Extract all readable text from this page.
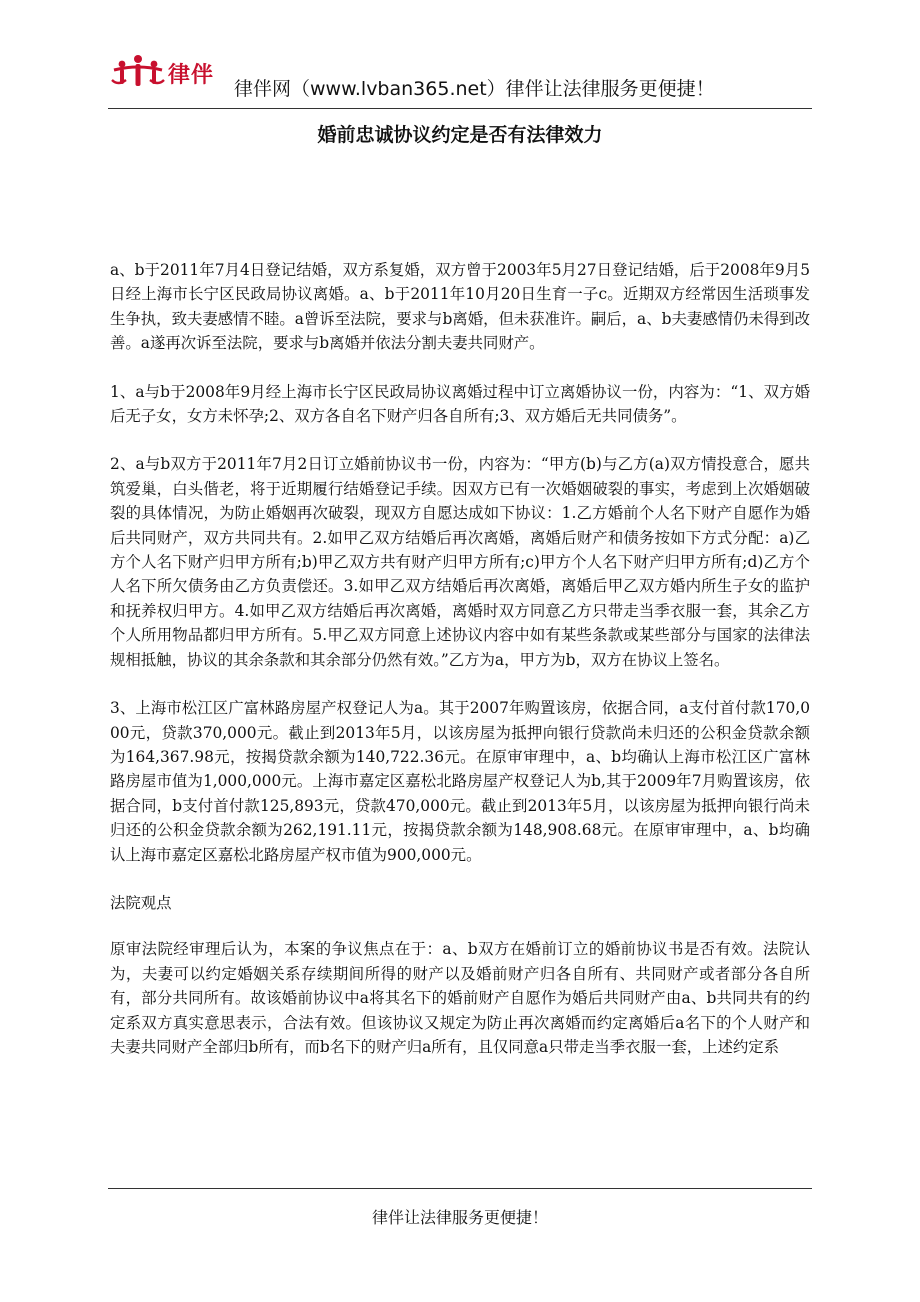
律伴
律伴网（www.lvban365.net）律伴让法律服务更便捷！
婚前忠诚协议约定是否有法律效力

a、b于2011年7月4日登记结婚，双方系复婚，双方曾于2003年5月27日登记结婚，后于2008年9月5日经上海市长宁区民政局协议离婚。a、b于2011年10月20日生育一子c。近期双方经常因生活琐事发生争执，致夫妻感情不睦。a曾诉至法院，要求与b离婚，但未获准许。嗣后，a、b夫妻感情仍未得到改善。a遂再次诉至法院，要求与b离婚并依法分割夫妻共同财产。

1、a与b于2008年9月经上海市长宁区民政局协议离婚过程中订立离婚协议一份，内容为：“1、双方婚后无子女，女方未怀孕;2、双方各自名下财产归各自所有;3、双方婚后无共同债务”。

2、a与b双方于2011年7月2日订立婚前协议书一份，内容为：“甲方(b)与乙方(a)双方情投意合，愿共筑爱巢，白头偕老，将于近期履行结婚登记手续。因双方已有一次婚姻破裂的事实，考虑到上次婚姻破裂的具体情况，为防止婚姻再次破裂，现双方自愿达成如下协议：1.乙方婚前个人名下财产自愿作为婚后共同财产，双方共同共有。2.如甲乙双方结婚后再次离婚，离婚后财产和债务按如下方式分配：a)乙方个人名下财产归甲方所有;b)甲乙双方共有财产归甲方所有;c)甲方个人名下财产归甲方所有;d)乙方个人名下所欠债务由乙方负责偿还。3.如甲乙双方结婚后再次离婚，离婚后甲乙双方婚内所生子女的监护和抚养权归甲方。4.如甲乙双方结婚后再次离婚，离婚时双方同意乙方只带走当季衣服一套，其余乙方个人所用物品都归甲方所有。5.甲乙双方同意上述协议内容中如有某些条款或某些部分与国家的法律法规相抵触，协议的其余条款和其余部分仍然有效。”乙方为a，甲方为b，双方在协议上签名。

3、上海市松江区广富林路房屋产权登记人为a。其于2007年购置该房，依据合同，a支付首付款170,000元，贷款370,000元。截止到2013年5月，以该房屋为抵押向银行贷款尚未归还的公积金贷款余额为164,367.98元，按揭贷款余额为140,722.36元。在原审审理中，a、b均确认上海市松江区广富林路房屋市值为1,000,000元。上海市嘉定区嘉松北路房屋产权登记人为b,其于2009年7月购置该房，依据合同，b支付首付款125,893元，贷款470,000元。截止到2013年5月，以该房屋为抵押向银行尚未归还的公积金贷款余额为262,191.11元，按揭贷款余额为148,908.68元。在原审审理中，a、b均确认上海市嘉定区嘉松北路房屋产权市值为900,000元。

法院观点

原审法院经审理后认为，本案的争议焦点在于：a、b双方在婚前订立的婚前协议书是否有效。法院认为，夫妻可以约定婚姻关系存续期间所得的财产以及婚前财产归各自所有、共同财产或者部分各自所有，部分共同所有。故该婚前协议中a将其名下的婚前财产自愿作为婚后共同财产由a、b共同共有的约定系双方真实意思表示，合法有效。但该协议又规定为防止再次离婚而约定离婚后a名下的个人财产和夫妻共同财产全部归b所有，而b名下的财产归a所有，且仅同意a只带走当季衣服一套，上述约定系

律伴让法律服务更便捷！
